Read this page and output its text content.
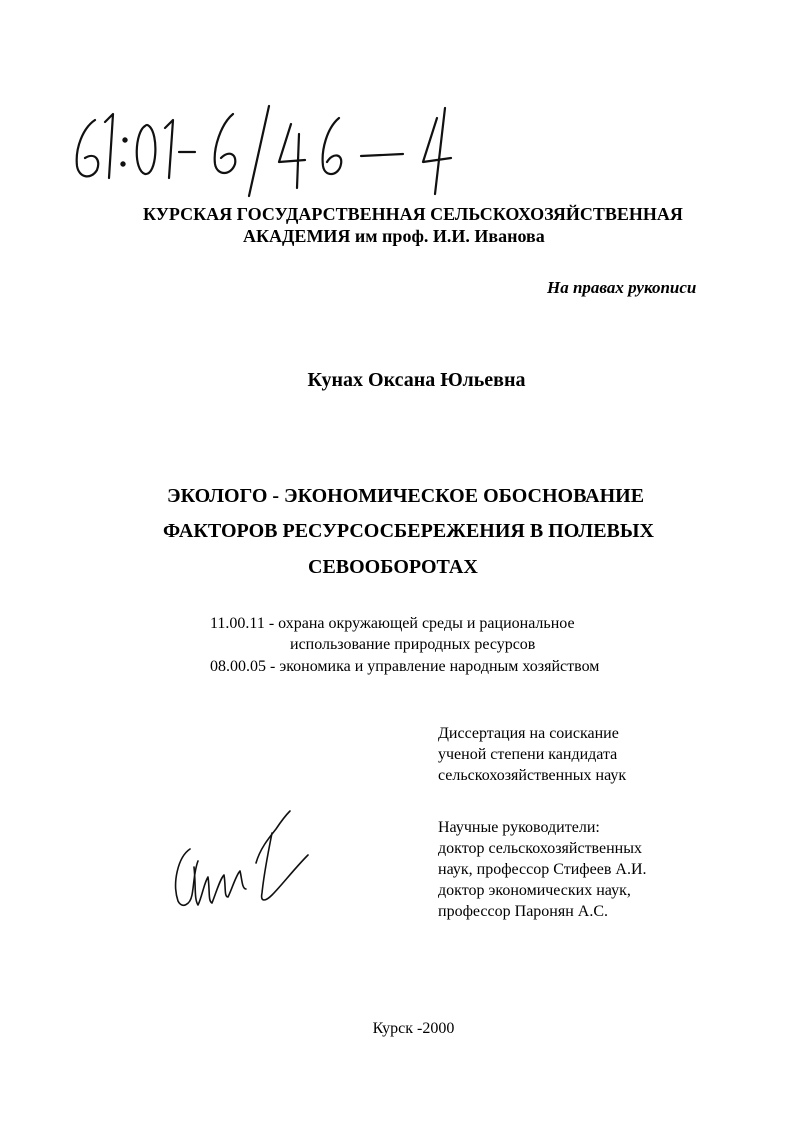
КУРСКАЯ ГОСУДАРСТВЕННАЯ СЕЛЬСКОХОЗЯЙСТВЕННАЯ
АКАДЕМИЯ им проф. И.И. Иванова
На правах рукописи
Кунах Оксана Юльевна
ЭКОЛОГО - ЭКОНОМИЧЕСКОЕ ОБОСНОВАНИЕ
ФАКТОРОВ РЕСУРСОСБЕРЕЖЕНИЯ В ПОЛЕВЫХ
СЕВООБОРОТАХ
11.00.11 - охрана окружающей среды и рациональное
использование природных ресурсов
08.00.05 - экономика и управление народным хозяйством
Диссертация на соискание
ученой степени кандидата
сельскохозяйственных наук
Научные руководители:
доктор сельскохозяйственных
наук, профессор Стифеев А.И.
доктор экономических наук,
профессор Паронян А.С.
Курск -2000
